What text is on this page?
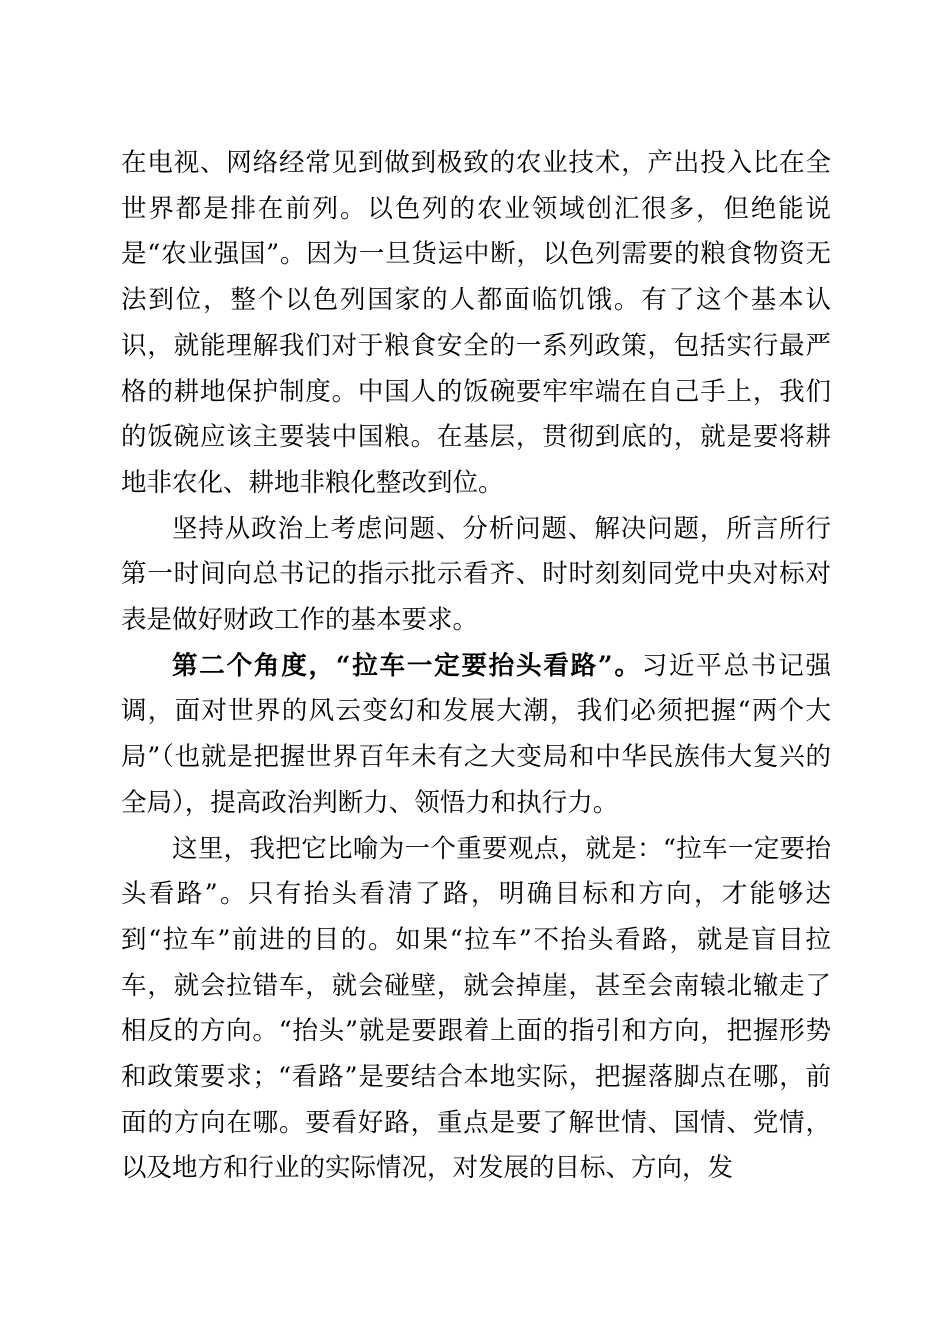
在电视、网络经常见到做到极致的农业技术，产出投入比在全世界都是排在前列。以色列的农业领域创汇很多，但绝能说是“农业强国”。因为一旦货运中断，以色列需要的粮食物资无法到位，整个以色列国家的人都面临饥饿。有了这个基本认识，就能理解我们对于粮食安全的一系列政策，包括实行最严格的耕地保护制度。中国人的饭碗要牢牢端在自己手上，我们的饭碗应该主要装中国粮。在基层，贯彻到底的，就是要将耕地非农化、耕地非粮化整改到位。

坚持从政治上考虑问题、分析问题、解决问题，所言所行第一时间向总书记的指示批示看齐、时时刻刻同党中央对标对表是做好财政工作的基本要求。

第二个角度，“拉车一定要抬头看路”。习近平总书记强调，面对世界的风云变幻和发展大潮，我们必须把握“两个大局”（也就是把握世界百年未有之大变局和中华民族伟大复兴的全局），提高政治判断力、领悟力和执行力。

这里，我把它比喻为一个重要观点，就是：“拉车一定要抬头看路”。只有抬头看清了路，明确目标和方向，才能够达到“拉车”前进的目的。如果“拉车”不抬头看路，就是盲目拉车，就会拉错车，就会碰壁，就会掉崖，甚至会南辕北辙走了相反的方向。“抬头”就是要跟着上面的指引和方向，把握形势和政策要求；“看路”是要结合本地实际，把握落脚点在哪，前面的方向在哪。要看好路，重点是要了解世情、国情、党情，以及地方和行业的实际情况，对发展的目标、方向，发
